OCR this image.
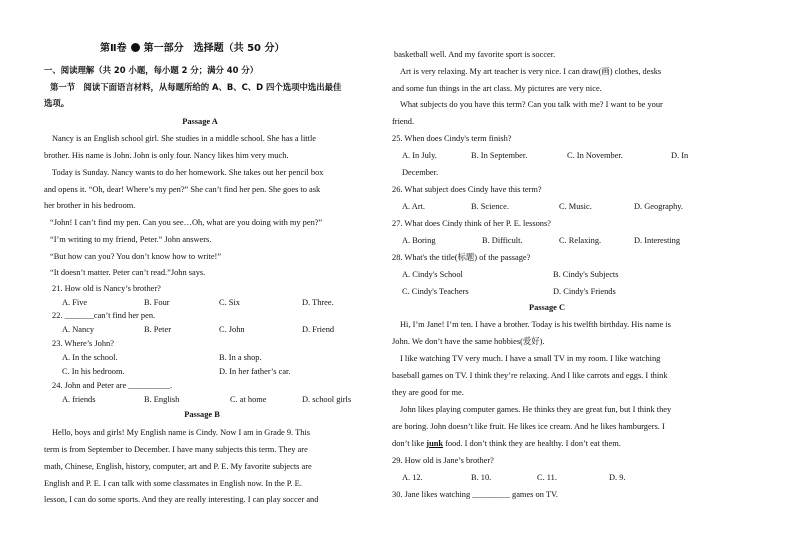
第Ⅱ卷 第一部分　选择题（共 50 分）
一、阅读理解（共 20 小题，每小题 2 分；满分 40 分）
第一节　阅读下面语言材料，从每题所给的 A、B、C、D 四个选项中选出最佳
选项。
Passage A
Nancy is an English school girl. She studies in a middle school. She has a little
brother. His name is John. John is only four. Nancy likes him very much.
Today is Sunday. Nancy wants to do her homework. She takes out her pencil box
and opens it. “Oh, dear! Where’s my pen?” She can’t find her pen. She goes to ask
her brother in his bedroom.
“John! I can’t find my pen. Can you see…Oh, what are you doing with my pen?”
“I’m writing to my friend, Peter.” John answers.
“But how can you? You don’t know how to write!”
“It doesn’t matter. Peter can’t read.”John says.
21. How old is Nancy’s brother?
A. Five	B. Four	C. Six	D. Three.
22. _______can’t find her pen.
A. Nancy	B. Peter	C. John	D. Friend
23. Where’s John?
A. In the school.	B. In a shop.
C. In his bedroom.	D. In her father’s car.
24. John and Peter are __________.
A. friends	B. English	C. at home	D. school girls
Passage B
Hello, boys and girls! My English name is Cindy. Now I am in Grade 9. This
term is from September to December. I have many subjects this term. They are
math, Chinese, English, history, computer, art and P. E. My favorite subjects are
English and P. E. I can talk with some classmates in English now. In the P. E.
lesson, I can do some sports. And they are really interesting. I can play soccer and
basketball well. And my favorite sport is soccer.
Art is very relaxing. My art teacher is very nice. I can draw(画) clothes, desks
and some fun things in the art class. My pictures are very nice.
What subjects do you have this term? Can you talk with me? I want to be your
friend.
25. When does Cindy's term finish?
A. In July.	B. In September.	C. In November.	D. In
December.
26. What subject does Cindy have this term?
A. Art.	B. Science.	C. Music.	D. Geography.
27. What does Cindy think of her P. E. lessons?
A. Boring	B. Difficult.	C. Relaxing.	D. Interesting
28. What's the title(标题) of the passage?
A. Cindy's School	B. Cindy's Subjects
C. Cindy's Teachers	D. Cindy's Friends
Passage C
Hi, I’m Jane! I’m ten. I have a brother. Today is his twelfth birthday. His name is
John. We don’t have the same hobbies(爱好).
I like watching TV very much. I have a small TV in my room. I like watching
baseball games on TV. I think they’re relaxing. And I like carrots and eggs. I think
they are good for me.
John likes playing computer games. He thinks they are great fun, but I think they
are boring. John doesn’t like fruit. He likes ice cream. And he likes hamburgers. I
don’t like junk food. I don’t think they are healthy. I don’t eat them.
29. How old is Jane’s brother?
A. 12.	B. 10.	C. 11.	D. 9.
30. Jane likes watching _________ games on TV.
